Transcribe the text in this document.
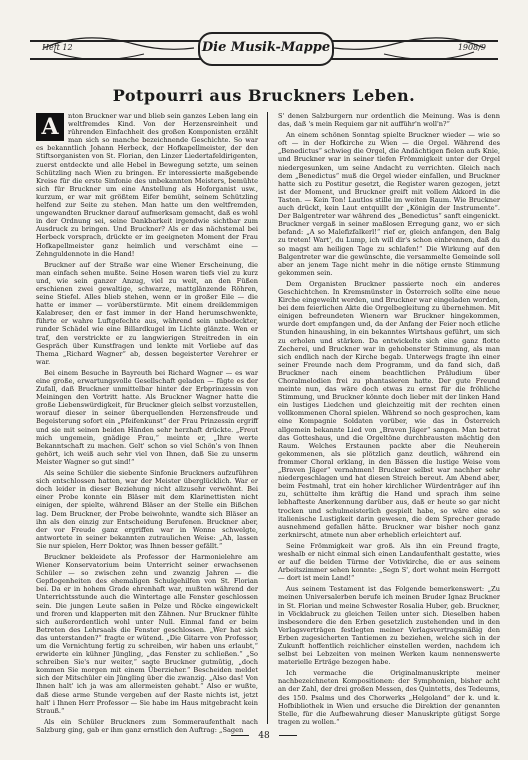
Heft 12	Die Musik-Mappe	1908/9
Potpourri aus Bruckners Leben.
A	nton Bruckner war und blieb sein ganzes Leben lang ein weltfremdes Kind. Von der Herzensreinheit und rührenden Einfachheit des großen Komponisten erzählt man sich so manche bezeichnende Geschichte. So war es bekanntlich Johann Herbeck, der Hofkapellmeister, der den Stiftsorganisten von St. Florian, den Linzer Liedertafeldirigenten, zuerst entdeckte und alle Hebel in Bewegung setzte, um seinen Schützling nach Wien zu bringen. Er interessierte maßgebende Kreise für die erste Sinfonie des unbekannten Meisters, bemühte sich für Bruckner um eine Anstellung als Hoforganist usw., kurzum, er war mit größtem Eifer bemüht, seinem Schützling helfend zur Seite zu stehen. Man hatte um den weltfremden, ungewandten Bruckner darauf aufmerksam gemacht, daß es wohl in der Ordnung sei, seine Dankbarkeit irgendwie sichtbar zum Ausdruck zu bringen. Und Bruckner? Als er das nächstemal bei Herbeck vorsprach, drückte er im geeigneten Moment der Frau Hofkapellmeister ganz heimlich und verschämt eine — Zehnguldennote in die Hand!

Bruckner auf der Straße war eine Wiener Erscheinung, die man einfach sehen mußte. Seine Hosen waren tiefs viel zu kurz und, wie sein ganzer Anzug, viel zu weit, an den Füßen erschienen zwei gewaltige, schwarze, mattglänzende Röhren, seine Stiefel. Alles blieb stehen, wenn er in großer Eile — die hatte er immer — vorüberstürmte. Mit einem dreiklemmigen Kalabreser, den er fast immer in der Hand herumschwenkte, führte er wahre Luftgefechte aus, während sein unbedeckter, runder Schädel wie eine Billardkugel im Lichte glänzte. Wen er traf, den verstrickte er zu langwierigen Streitreden in ein Gespräch über Kunstfragen und lenkte mit Vorliebe auf das Thema „Richard Wagner“ ab, dessen begeisterter Verehrer er war.

Bei einem Besuche in Bayreuth bei Richard Wagner — es war eine große, erwartungsvolle Gesellschaft geladen — fügte es der Zufall, daß Bruckner unmittelbar hinter der Erbprinzessin von Meiningen den Vortritt hatte. Als Bruckner Wagner hatte die große Liebenswürdigkeit, für Bruckner gleich selbst vorzustellen, worauf dieser in seiner überquellenden Herzensfreude und Begeisterung sofort ein „Pfeifenkunst“ der Frau Prinzessin ergriff und sie mit seinen beiden Händen sehr herzhaft drückte. „Freut mich ungemein, gnädige Frau,“ meinte er, „Ihre werte Bekanntschaft zu machen. Gelt' schon so viel Schön's von Ihnen gehört, ich weiß auch sehr viel von Ihnen, daß Sie zu unserm Meister Wagner so gut sind!“

Als seine Schüler die siebente Sinfonie Bruckners aufzuführen sich entschlossen hatten, war der Meister überglücklich. War er doch leider in dieser Beziehung nicht allzusehr verwöhnt. Bei einer Probe konnte ein Bläser mit dem Klarinettisten nicht einigen, der spielte, während Bläser an der Stelle ein Bißchen lag. Dem Bruckner, der Probe beiwohnte, wandte sich Bläser an ihn als den einzig zur Entscheidung Berufenen. Bruckner aber, der vor Freude ganz ergriffen war in Wonne schwelgte, antwortete in seiner bekannten zutraulichen Weise: „Ah, lassen Sie nur spielen, Herr Doktor, was Ihnen besser gefällt.“

Bruckner bekleidete als Professor der Harmonielehre am Wiener Konservatorium beim Unterricht seiner erwachsenen Schüler — so zwischen zehn und zwanzig Jahren — die Gepflogenheiten des ehemaligen Schulgehilfen von St. Florian bei. Da er in hohem Grade ehrenhaft war, mußten während der Unterrichtsstunde auch die Wintertage alle Fenster geschlossen sein. Die jungen Leute saßen in Pelze und Röcke eingewickelt und froren und klapperten mit den Zähnen. Nur Bruckner fühlte sich außerordentlich wohl unter Null. Einmal fand er beim Betreten des Lehrsaals die Fenster geschlossen. „Wer hat sich das unterstanden?“ fragte er wütend. „Die Gitarre von Professor, um die Vernichtung fertig zu schreiben, wir haben uns erlaubt,“ erwiderte ein kühner Jüngling, „das Fenster zu schließen.“ „So schreiben Sie's nur weiter,“ sagte Bruckner gutmütig, „doch kommen Sie morgen mit einem Überzieher.“ Bescheiden meldet sich der Mitschüler ein Jüngling über die zwanzig. „Also das! Von Ihnen halt' ich ja was am allermeisten gehabt.“ Also er wußte, daß diese arme Stunde vergeben auf der Raste nichts ist, jetzt halt' i Ihnen Herr Professor — Sie habe im Haus mitgebracht kein Strauß.“

Als ein Schüler Bruckners zum Sommeraufenthalt nach Salzburg ging, gab er ihm ganz ernstlich den Auftrag: „Sagen

S' denen Salzburgern nur ordentlich die Meinung. Was is denn das, daß 's mein Requiem gar nit aufführ'n woll'n?“

An einem schönen Sonntag spielte Bruckner wieder — wie so oft — in der Hofkirche zu Wien — die Orgel. Während des „Benedictus“ schwieg die Orgel, die Andächtigen fielen aufs Knie, und Bruckner war in seiner tiefen Frömmigkeit unter der Orgel niedergesunken, um seine Andacht zu verrichten. Gleich nach dem „Benedictus“ muß die Orgel wieder einfallen, und Bruckner hatte sich zu Postitur gesetzt, die Register waren gezogen, jetzt ist der Moment, und Bruckner greift mit vollem Akkord in die Tasten. — Kein Ton! Lautlos stille im weiten Raum. Wie Bruckner auch drückt, kein Laut entquillt der „Königin der Instrumente“. Der Balgentreter war während des „Benedictus“ sanft eingenickt. Bruckner vergaß in seiner maßlosen Erregung ganz, wo er sich befand: „A so Malefizfalkerl!“ rief er, gleich anfangen, den Balg zu treten! Wart', du Lump, ich will dir's schon einbrennen, daß du so magst am heiligen Tage zu schlafen!“ Die Wirkung auf den Balgentreter war die gewünschte, die versammelte Gemeinde soll aber an jenem Tage nicht mehr in die nötige ernste Stimmung gekommen sein.

Dem Organisten Bruckner passierte noch ein anderes Geschichtchen. In Kremsmünster in Österreich sollte eine neue Kirche eingeweiht werden, und Bruckner war eingeladen worden, bei dem feierlichen Akte die Orgelbegleitung zu übernehmen. Mit einigen befreundeten Wienern war Bruckner hingekommen, wurde dort empfangen und, da der Anfang der Feier noch etliche Stunden hinaushing, in ein bekanntes Wirtshaus geführt, um sich zu erholen und stärken. Da entwickelte sich eine ganz flotte Zecherei, und Bruckner war in gehobenster Stimmung, als man sich endlich nach der Kirche begab. Unterwegs fragte ihn einer seiner Freunde nach dem Programm, und da fand sich, daß Bruckner nach einem beachtlichen Präludium über Choralmelodien frei zu phantasieren hatte. Der gute Freund meinte nun, das wäre doch etwas zu ernst für die fröhliche Stimmung, und Bruckner könnte doch lieber mit der linken Hand ein lustiges Liedchen und gleichzeitig mit der rechten einen vollkommenen Choral spielen. Während so noch gesprochen, kam eine Kompagnie Soldaten vorüber, wie das in Österreich allgemein bekannte Lied von „Braven Jäger“ sangen. Man betrat das Gotteshaus, und die Orgeltöne durchbrausten mächtig den Raum. Welches Erstaunen packte aber die Neuherein gekommenen, als sie plötzlich ganz deutlich, während ein frommer Choral erklang, in den Bässen die lustige Weise vom „Braven Jäger“ vernahmen! Bruckner selbst war nachher sehr niedergeschlagen und hat diesen Streich bereut. Am Abend aber, beim Festmahl, trat ein hoher kirchlicher Würdenträger auf ihn zu, schüttelte ihm kräftig die Hand und sprach ihm seine lebhafteste Anerkennung darüber aus, daß er heute so gar nicht trocken und schulmeisterlich gespielt habe, so wäre eine so italienische Lustigkeit darin gewesen, die dem Sprecher gerade ausnehmend gefallen hätte. Bruckner war bisher noch ganz zerknirscht, atmete nun aber erheblich erleichtert auf.

Seine Frömmigkeit war groß. Als ihn ein Freund fragte, weshalb er nicht einmal sich einen Landaufenthalt gestatte, wies er auf die beiden Türme der Votivkirche, die er aus seinem Arbeitszimmer sehen konnte: „Segn S', dort wohnt mein Herrgott — dort ist mein Land!“

Aus seinem Testament ist das Folgende bemerkenswert: „Zu meinen Universalerben berufe ich meinen Bruder Ignaz Bruckner in St. Florian und meine Schwester Rosalia Huber, geb. Bruckner, in Vöcklabruck zu gleichen Teilen unter sich. Dieselben haben insbesondere die den Erben gesetzlich zustehenden und in den Verlagsverträgen festlegten meiner Verlagsvertragsmäßig den Erben zugesicherten Tantiemen zu beziehen, welche sich in der Zukunft hoffentlich reichlicher einstellen werden, nachdem ich selbst bei Lebzeiten von meinen Werken kaum nennenswerte materielle Erträge bezogen habe.

Ich vermache die Originalmanuskripte meiner nachbezeichneten Kompositionen: der Symphonien, bisher acht an der Zahl, der drei großen Messen, des Quintetts, des Tedeums, des 150. Psalms und des Chorwerks „Helgoland“ der k. und k. Hofbibliothek in Wien und ersuche die Direktion der genannten Stelle, für die Aufbewahrung dieser Manuskripte gütigst Sorge tragen zu wollen.“

48
